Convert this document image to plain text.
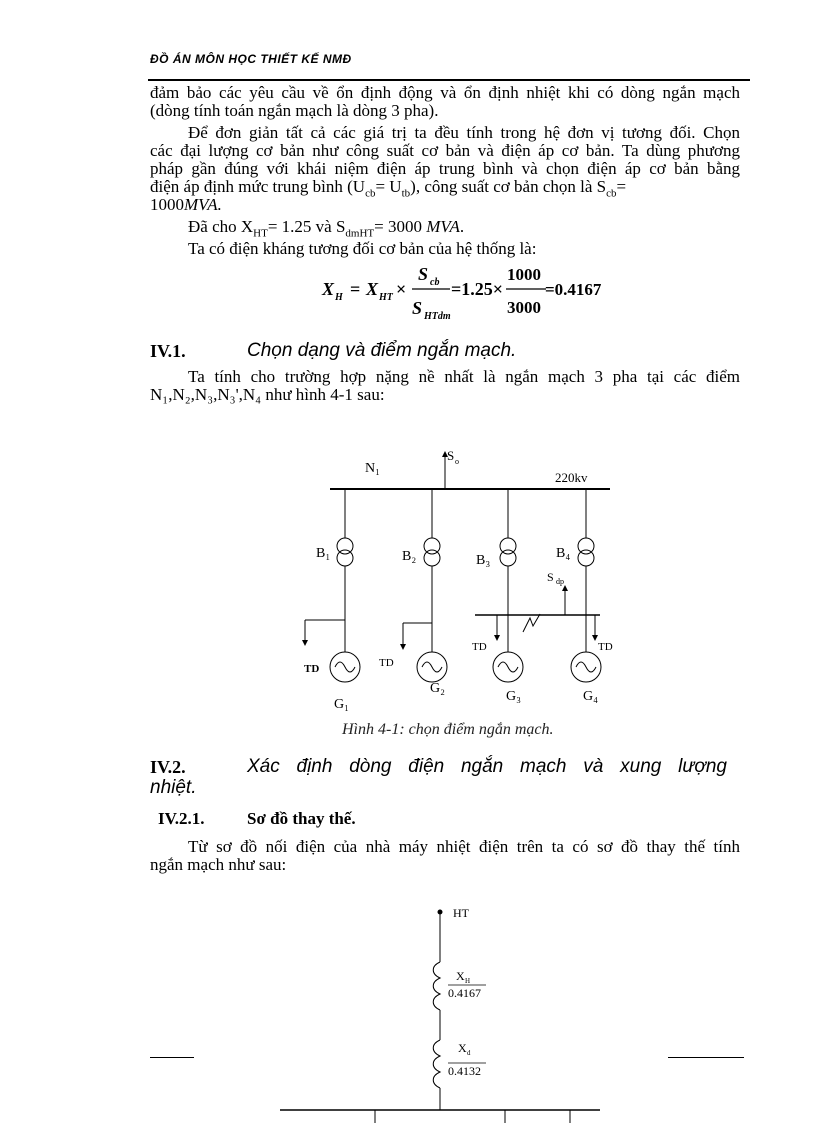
ĐỒ ÁN MÔN HỌC THIẾT KẾ NMĐ
đảm bảo các yêu cầu về ổn định động và ổn định nhiệt khi có dòng ngắn mạch
(dòng tính toán ngắn mạch là dòng 3 pha).
Để đơn giản tất cả các giá trị ta đều tính trong hệ đơn vị tương đối. Chọn
các đại lượng cơ bản như công suất cơ bản và điện áp cơ bản. Ta dùng phương
pháp gần đúng với khái niệm điện áp trung bình và chọn điện áp cơ bản bằng
điện áp định mức trung bình $(U_{cb}= U_{tb})$, công suất cơ bản chọn là $S_{cb}=$
1000MVA.
Đã cho $X_{HT}= 1.25$ và $S_{dmHT}= 3000$ MVA.
Ta có điện kháng tương đối cơ bản của hệ thống là:
X H = X HT ×
S cb
S HTdm
=1.25×
1000
3000
=0.4167
IV.1.	Chọn dạng và điểm ngắn mạch.
Ta tính cho trường hợp nặng nề nhất là ngắn mạch 3 pha tại các điểm
N₁,N₂,N₃,N₃',N₄ như hình 4-1 sau:
N₁
220kv
S o
B₁
TD
G₁
B₂
TD
G₂
B₃
TD
G₃
B₄
TD
G₄
S dp
Hình 4-1: chọn điểm ngắn mạch.
IV.2.	Xác định dòng điện ngắn mạch và xung lượng
nhiệt.
IV.2.1.	Sơ đồ thay thế.
Từ sơ đồ nối điện của nhà máy nhiệt điện trên ta có sơ đồ thay thế tính
ngắn mạch như sau:
HT
X H
0.4167
X d
0.4132
